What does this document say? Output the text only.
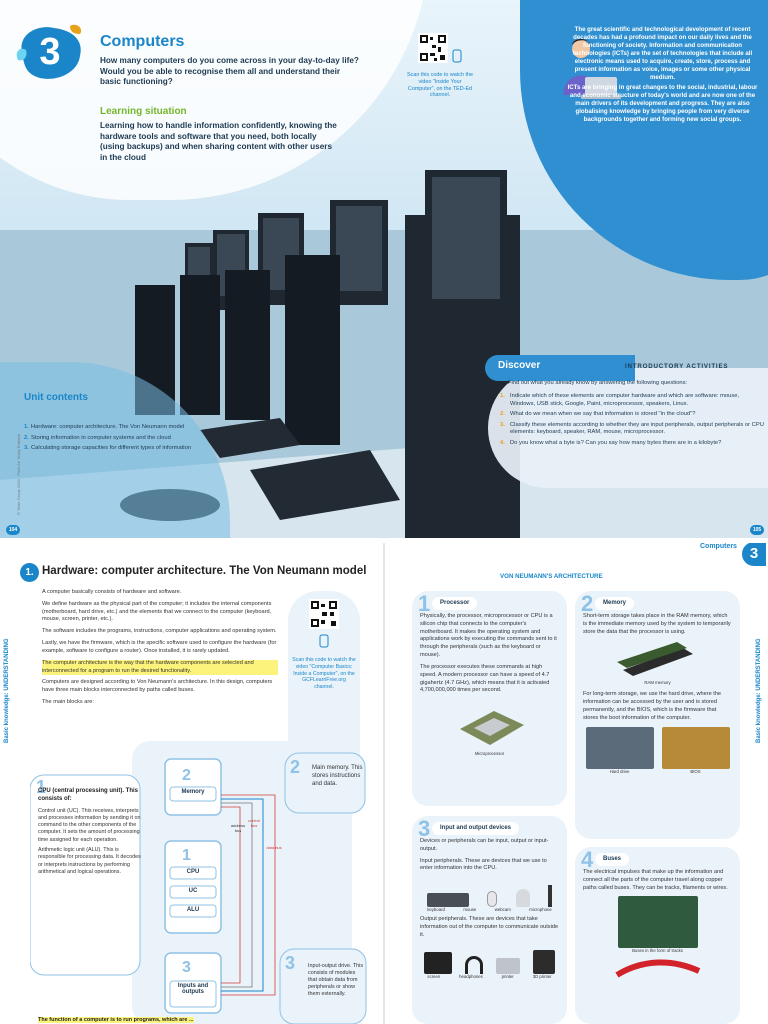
3	Computers
How many computers do you come across in your day-to-day life? Would you be able to recognise them all and understand their basic functioning?
Learning situation
Learning how to handle information confidently, knowing the hardware tools and software that you need, both locally (using backups) and when sharing content with other users in the cloud

Scan this code to watch the video "Inside Your Computer", on the TED-Ed channel.

The great scientific and technological development of recent decades has had a profound impact on our daily lives and the functioning of society. Information and communication technologies (ICTs) are the set of technologies that include all electronic means used to acquire, create, store, process and present information as voice, images or some other physical medium.

ICTs are bringing in great changes to the social, industrial, labour and economic structure of today's world and are now one of the main drivers of its development and progress. They are also globalising knowledge by bringing people from very diverse backgrounds together and forming new social groups.

Unit contents
1. Hardware: computer architecture. The Von Neumann model
2. Storing information in computer systems and the cloud
3. Calculating storage capacities for different types of information
Discover	INTRODUCTORY ACTIVITIES
Find out what you already know by answering the following questions:
1. Indicate which of these elements are computer hardware and which are software: mouse, Windows, USB stick, Google, Paint, microprocessor, speakers, Linux.
2. What do we mean when we say that information is stored "in the cloud"?
3. Classify these elements according to whether they are input peripherals, output peripherals or CPU elements: keyboard, speaker, RAM, mouse, microprocessor.
4. Do you know what a byte is? Can you say how many bytes there are in a kilobyte?
104	105
© Teide Group 2024 · Pack for Today Editorial
Computers 3
Basic knowledge: UNDERSTANDING	Basic knowledge: UNDERSTANDING
1. Hardware: computer architecture. The Von Neumann model

A computer basically consists of hardware and software.

We define hardware as the physical part of the computer; it includes the internal components (motherboard, hard drive, etc.) and the elements that we connect to the computer (keyboard, mouse, screen, printer, etc.).

The software includes the programs, instructions, computer applications and operating system.

Lastly, we have the firmware, which is the specific software used to configure the hardware (for example, software to configure a router). Once installed, it is rarely updated.

The computer architecture is the way that the hardware components are selected and interconnected for a program to run the desired functionality.

Computers are designed according to Von Neumann's architecture. In this design, computers have three main blocks interconnected by paths called buses.

The main blocks are:

Scan this code to watch the video "Computer Basics: Inside a Computer", on the GCFLearnFree.org channel.
1
2
3
2
Memory
1
CPU
UC
ALU
3
Inputs and outputs
address bus
control bus
data bus
CPU (central processing unit). This consists of:
Control unit (UC). This receives, interprets and processes information by sending it on command to the other components of the computer. It sets the amount of processing time assigned for each operation.
Arithmetic logic unit (ALU). This is responsible for processing data. It decodes or interprets instructions by performing arithmetical and logical operations.
Main memory. This stores instructions and data.
Input-output drive. This consists of modules that obtain data from peripherals or show them externally.
The function of a computer is to run programs, which are ...
VON NEUMANN'S ARCHITECTURE
1	Processor

Physically, the processor, microprocessor or CPU is a silicon chip that connects to the computer's motherboard. It makes the operating system and applications work by executing the commands sent to it through the peripherals (such as the keyboard or mouse).

The processor executes these commands at high speed. A modern processor can have a speed of 4.7 gigahertz (4.7 GHz), which means that it is activated 4,700,000,000 times per second.

Microprocessor
2	Memory

Short-term storage takes place in the RAM memory, which is the immediate memory used by the system to temporarily store the data that the processor is using.

RAM memory

For long-term storage, we use the hard drive, where the information can be accessed by the user and is stored permanently, and the BIOS, which is the firmware that stores the boot information of the computer.

Hard drive	BIOS
3	Input and output devices

Devices or peripherals can be input, output or input-output.

Input peripherals. These are devices that we use to enter information into the CPU.

keyboard	mouse	webcam	microphone

Output peripherals. These are devices that take information out of the computer to communicate outside it.

screen	headphones	printer	3D printer
4	Buses

The electrical impulses that make up the information and connect all the parts of the computer travel along copper paths called buses. They can be tracks, filaments or wires.

Buses in the form of tracks
